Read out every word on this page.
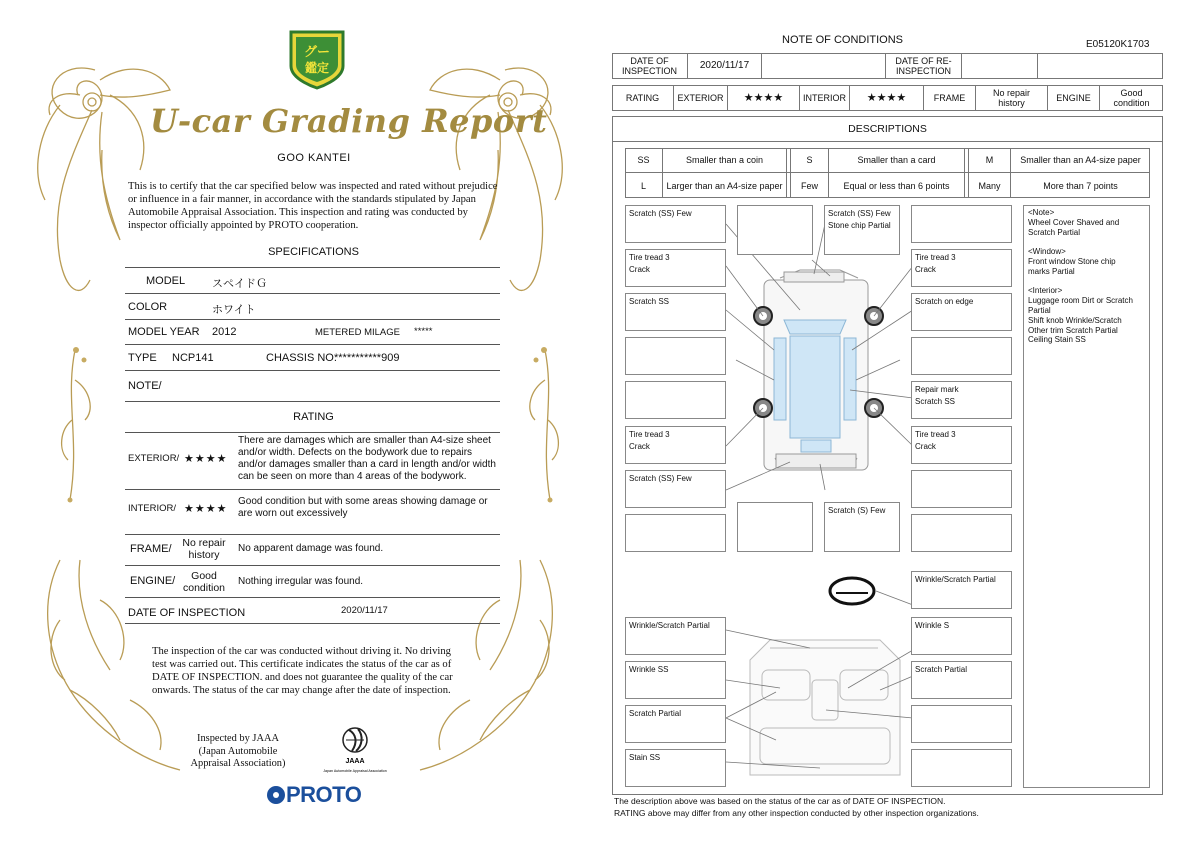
グー
鑑定
U-car Grading Report
GOO KANTEI
This is to certify that the car specified below was inspected and rated without prejudice or influence in a fair manner, in accordance with the standards stipulated by Japan Automobile Appraisal Association. This inspection and rating was conducted by inspector officially appointed by PROTO cooperation.
SPECIFICATIONS
MODEL スペイドＧ
COLOR	ホワイト
MODEL YEAR 2012	METERED MILAGE *****
TYPE NCP141	CHASSIS NO.
***********909
NOTE/
RATING
EXTERIOR/ ★★★★
There are damages which are smaller than A4-size sheet and/or width. Defects on the bodywork due to repairs and/or damages smaller than a card in length and/or width can be seen on more than 4 areas of the bodywork.
INTERIOR/ ★★★★
Good condition but with some areas showing damage or are worn out excessively
FRAME/	No repair history
No apparent damage was found.
ENGINE/	Good condition
Nothing irregular was found.
DATE OF INSPECTION	2020/11/17
The inspection of the car was conducted without driving it. No driving test was carried out. This certificate indicates the status of the car as of DATE OF INSPECTION. and does not guarantee the quality of the car onwards. The status of the car may change after the date of inspection.
Inspected by JAAA (Japan Automobile Appraisal Association)	JAAA
Japan Automobile Appraisal Association
PROTO
NOTE OF CONDITIONS	E05120K1703
DATE OF INSPECTION	2020/11/17	DATE OF RE-INSPECTION
RATING	EXTERIOR	★★★★	INTERIOR	★★★★	FRAME	No repair history	ENGINE	Good condition
DESCRIPTIONS
SS	Smaller than a coin	S	Smaller than a card	M	Smaller than an A4-size paper
L	Larger than an A4-size paper	Few	Equal or less than 6 points	Many	More than 7 points
Scratch (SS) Few	Scratch (SS) Few
Stone chip Partial
Tire tread 3
Crack
Tire tread 3
Crack
Scratch SS	Scratch on edge
Repair mark
Scratch SS
Tire tread 3
Crack
Tire tread 3
Crack
Scratch (SS) Few
Scratch (S) Few
Wrinkle/Scratch Partial
Wrinkle/Scratch Partial	Wrinkle S
Wrinkle SS	Scratch Partial
Scratch Partial
Stain SS
<Note>
Wheel Cover Shaved and
Scratch Partial
<Window>
Front window Stone chip
marks Partial
<Interior>
Luggage room Dirt or Scratch
Partial
Shift knob Wrinkle/Scratch
Other trim Scratch Partial
Ceiling Stain SS
The description above was based on the status of the car as of DATE OF INSPECTION.
RATING above may differ from any other inspection conducted by other inspection organizations.
